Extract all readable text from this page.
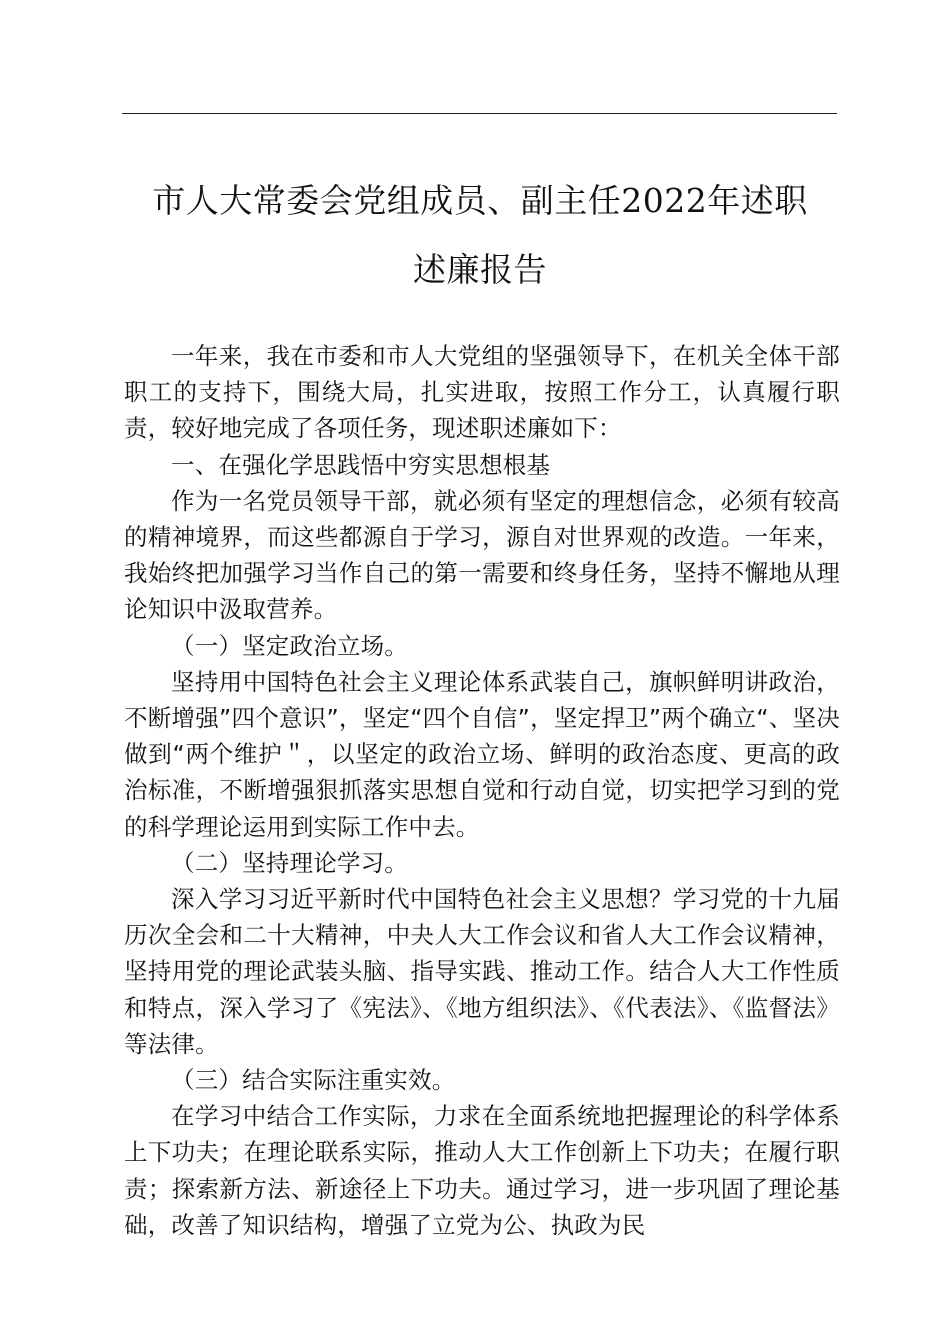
市人大常委会党组成员、副主任2022年述职
述廉报告

一年来，我在市委和市人大党组的坚强领导下，在机关全体干部职工的支持下，围绕大局，扎实进取，按照工作分工，认真履行职责，较好地完成了各项任务，现述职述廉如下：

一、在强化学思践悟中穷实思想根基

作为一名党员领导干部，就必须有坚定的理想信念，必须有较高的精神境界，而这些都源自于学习，源自对世界观的改造。一年来，我始终把加强学习当作自己的第一需要和终身任务，坚持不懈地从理论知识中汲取营养。

（一）坚定政治立场。

坚持用中国特色社会主义理论体系武装自己，旗帜鲜明讲政治，不断增强”四个意识”，坚定“四个自信”，坚定捍卫”两个确立“、坚决做到“两个维护＂，以坚定的政治立场、鲜明的政治态度、更高的政治标准，不断增强狠抓落实思想自觉和行动自觉，切实把学习到的党的科学理论运用到实际工作中去。

（二）坚持理论学习。

深入学习习近平新时代中国特色社会主义思想？学习党的十九届历次全会和二十大精神，中夬人大工作会议和省人大工作会议精神，坚持用党的理论武装头脑、指导实践、推动工作。结合人大工作性质和特点，深入学习了《宪法》、《地方组织法》、《代表法》、《监督法》等法律。

（三）结合实际注重实效。

在学习中结合工作实际，力求在全面系统地把握理论的科学体系上下功夫；在理论联系实际，推动人大工作创新上下功夫；在履行职责；探索新方法、新途径上下功夫。通过学习，进一步巩固了理论基础，改善了知识结构，增强了立党为公、执政为民
